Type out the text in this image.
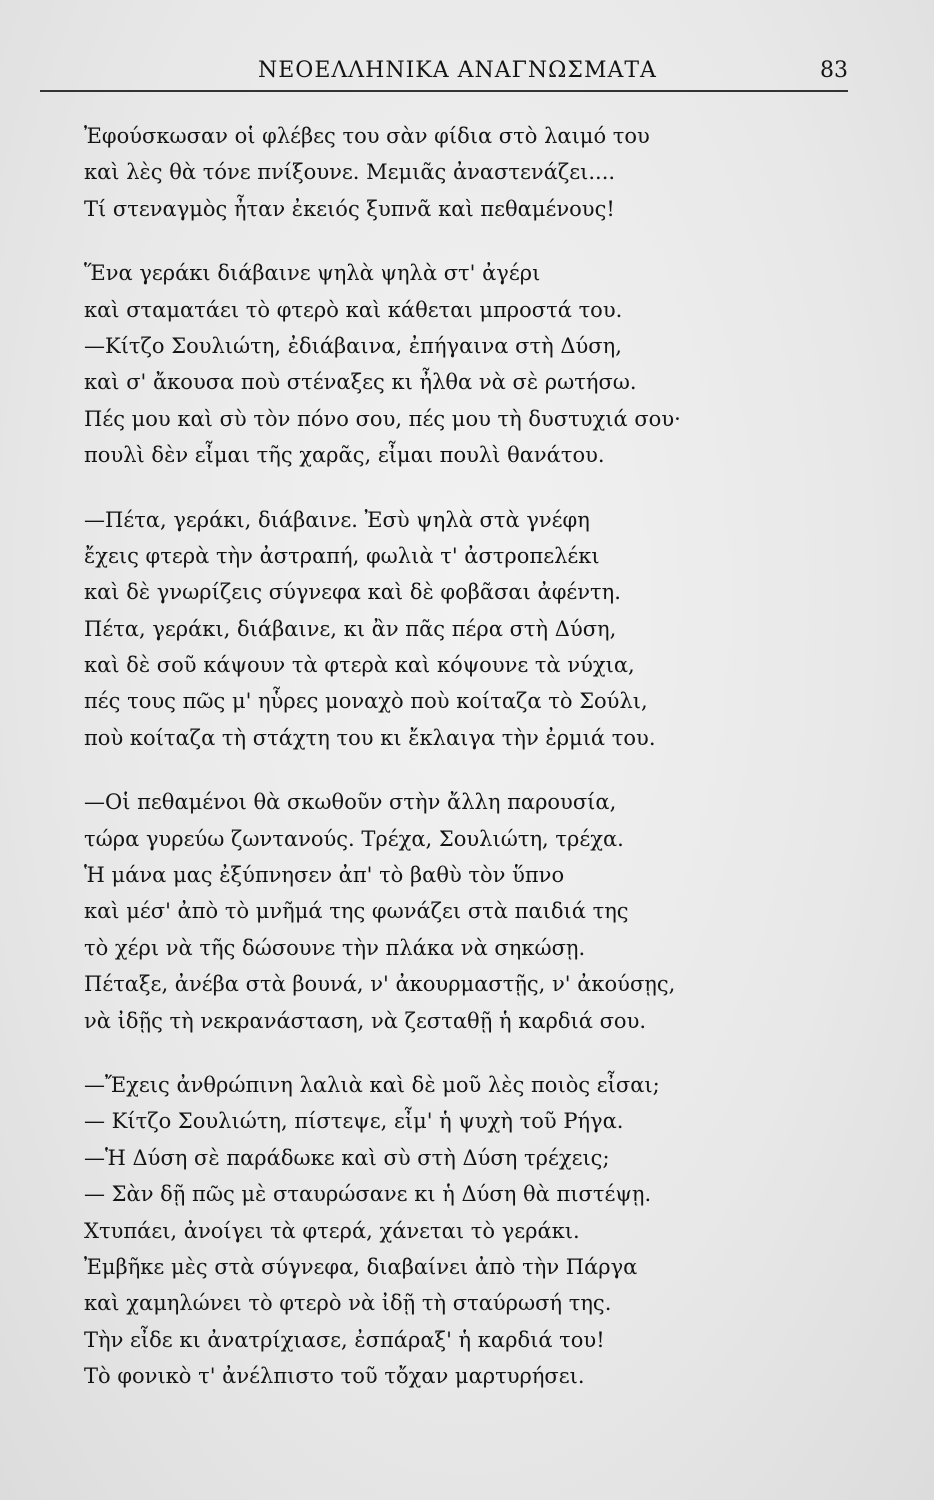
ΝΕΟΕΛΛΗΝΙΚΑ ΑΝΑΓΝΩΣΜΑΤΑ	83
Ἐφούσκωσαν οἱ φλέβες του σὰν φίδια στὸ λαιμό του
καὶ λὲς θὰ τόνε πνίξουνε. Μεμιᾶς ἀναστενάζει....
Τί στεναγμὸς ἦταν ἐκειός ξυπνᾶ καὶ πεθαμένους!
Ἕνα γεράκι διάβαινε ψηλὰ ψηλὰ στ' ἀγέρι
καὶ σταματάει τὸ φτερὸ καὶ κάθεται μπροστά του.
—Κίτζο Σουλιώτη, ἐδιάβαινα, ἐπήγαινα στὴ Δύση,
καὶ σ' ἄκουσα ποὺ στέναξες κι ἦλθα νὰ σὲ ρωτήσω.
Πές μου καὶ σὺ τὸν πόνο σου, πές μου τὴ δυστυχιά σου·
πουλὶ δὲν εἶμαι τῆς χαρᾶς, εἶμαι πουλὶ θανάτου.
—Πέτα, γεράκι, διάβαινε. Ἐσὺ ψηλὰ στὰ γνέφη
ἔχεις φτερὰ τὴν ἀστραπή, φωλιὰ τ' ἀστροπελέκι
καὶ δὲ γνωρίζεις σύγνεφα καὶ δὲ φοβᾶσαι ἀφέντη.
Πέτα, γεράκι, διάβαινε, κι ἂν πᾶς πέρα στὴ Δύση,
καὶ δὲ σοῦ κάψουν τὰ φτερὰ καὶ κόψουνε τὰ νύχια,
πές τους πῶς μ' ηὗρες μοναχὸ ποὺ κοίταζα τὸ Σούλι,
ποὺ κοίταζα τὴ στάχτη του κι ἔκλαιγα τὴν ἐρμιά του.
—Οἱ πεθαμένοι θὰ σκωθοῦν στὴν ἄλλη παρουσία,
τώρα γυρεύω ζωντανούς. Τρέχα, Σουλιώτη, τρέχα.
Ἡ μάνα μας ἐξύπνησεν ἀπ' τὸ βαθὺ τὸν ὕπνο
καὶ μέσ' ἀπὸ τὸ μνῆμά της φωνάζει στὰ παιδιά της
τὸ χέρι νὰ τῆς δώσουνε τὴν πλάκα νὰ σηκώσῃ.
Πέταξε, ἀνέβα στὰ βουνά, ν' ἀκουρμαστῇς, ν' ἀκούσῃς,
νὰ ἰδῇς τὴ νεκρανάσταση, νὰ ζεσταθῇ ἡ καρδιά σου.
—Ἔχεις ἀνθρώπινη λαλιὰ καὶ δὲ μοῦ λὲς ποιὸς εἶσαι;
— Κίτζο Σουλιώτη, πίστεψε, εἶμ' ἡ ψυχὴ τοῦ Ρήγα.
—Ἡ Δύση σὲ παράδωκε καὶ σὺ στὴ Δύση τρέχεις;
— Σὰν δῇ πῶς μὲ σταυρώσανε κι ἡ Δύση θὰ πιστέψῃ.
Χτυπάει, ἀνοίγει τὰ φτερά, χάνεται τὸ γεράκι.
Ἐμβῆκε μὲς στὰ σύγνεφα, διαβαίνει ἀπὸ τὴν Πάργα
καὶ χαμηλώνει τὸ φτερὸ νὰ ἰδῇ τὴ σταύρωσή της.
Τὴν εἶδε κι ἀνατρίχιασε, ἐσπάραξ' ἡ καρδιά του!
Τὸ φονικὸ τ' ἀνέλπιστο τοῦ τὄχαν μαρτυρήσει.
